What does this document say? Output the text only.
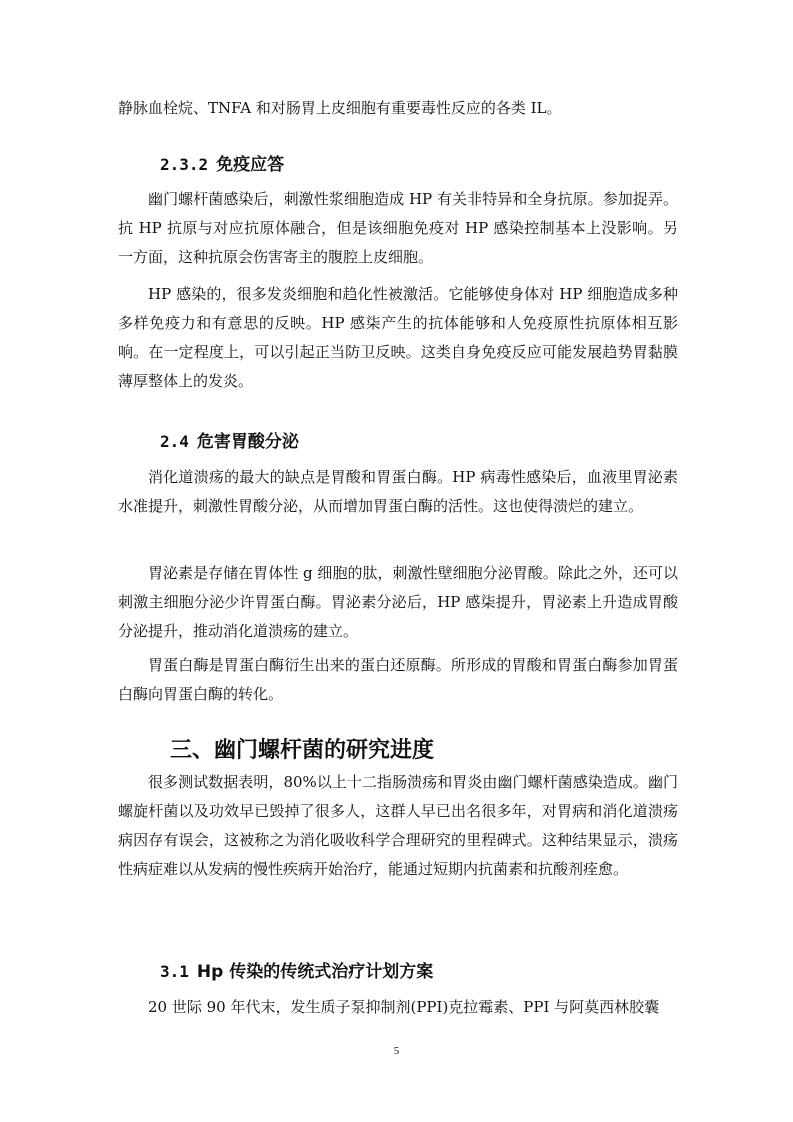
静脉血栓烷、TNFA 和对肠胃上皮细胞有重要毒性反应的各类 IL。

2.3.2 免疫应答

幽门螺杆菌感染后，刺激性浆细胞造成 HP 有关非特异和全身抗原。参加捉弄。抗 HP 抗原与对应抗原体融合，但是该细胞免疫对 HP 感染控制基本上没影响。另一方面，这种抗原会伤害寄主的腹腔上皮细胞。

HP 感染的，很多发炎细胞和趋化性被激活。它能够使身体对 HP 细胞造成多种多样免疫力和有意思的反映。HP 感柒产生的抗体能够和人免疫原性抗原体相互影响。在一定程度上，可以引起正当防卫反映。这类自身免疫反应可能发展趋势胃黏膜薄厚整体上的发炎。

2.4 危害胃酸分泌

消化道溃疡的最大的缺点是胃酸和胃蛋白酶。HP 病毒性感染后，血液里胃泌素水准提升，刺激性胃酸分泌，从而增加胃蛋白酶的活性。这也使得溃烂的建立。

胃泌素是存储在胃体性 g 细胞的肽，刺激性壁细胞分泌胃酸。除此之外，还可以刺激主细胞分泌少许胃蛋白酶。胃泌素分泌后，HP 感柒提升，胃泌素上升造成胃酸分泌提升，推动消化道溃疡的建立。

胃蛋白酶是胃蛋白酶衍生出来的蛋白还原酶。所形成的胃酸和胃蛋白酶参加胃蛋白酶向胃蛋白酶的转化。

三、幽门螺杆菌的研究进度

很多测试数据表明，80%以上十二指肠溃疡和胃炎由幽门螺杆菌感染造成。幽门螺旋杆菌以及功效早已毁掉了很多人，这群人早已出名很多年，对胃病和消化道溃疡病因存有误会，这被称之为消化吸收科学合理研究的里程碑式。这种结果显示，溃疡性病症难以从发病的慢性疾病开始治疗，能通过短期内抗菌素和抗酸剂痊愈。

3.1 Hp 传染的传统式治疗计划方案

20 世际 90 年代末，发生质子泵抑制剂(PPI)克拉霉素、PPI 与阿莫西林胶囊

5
